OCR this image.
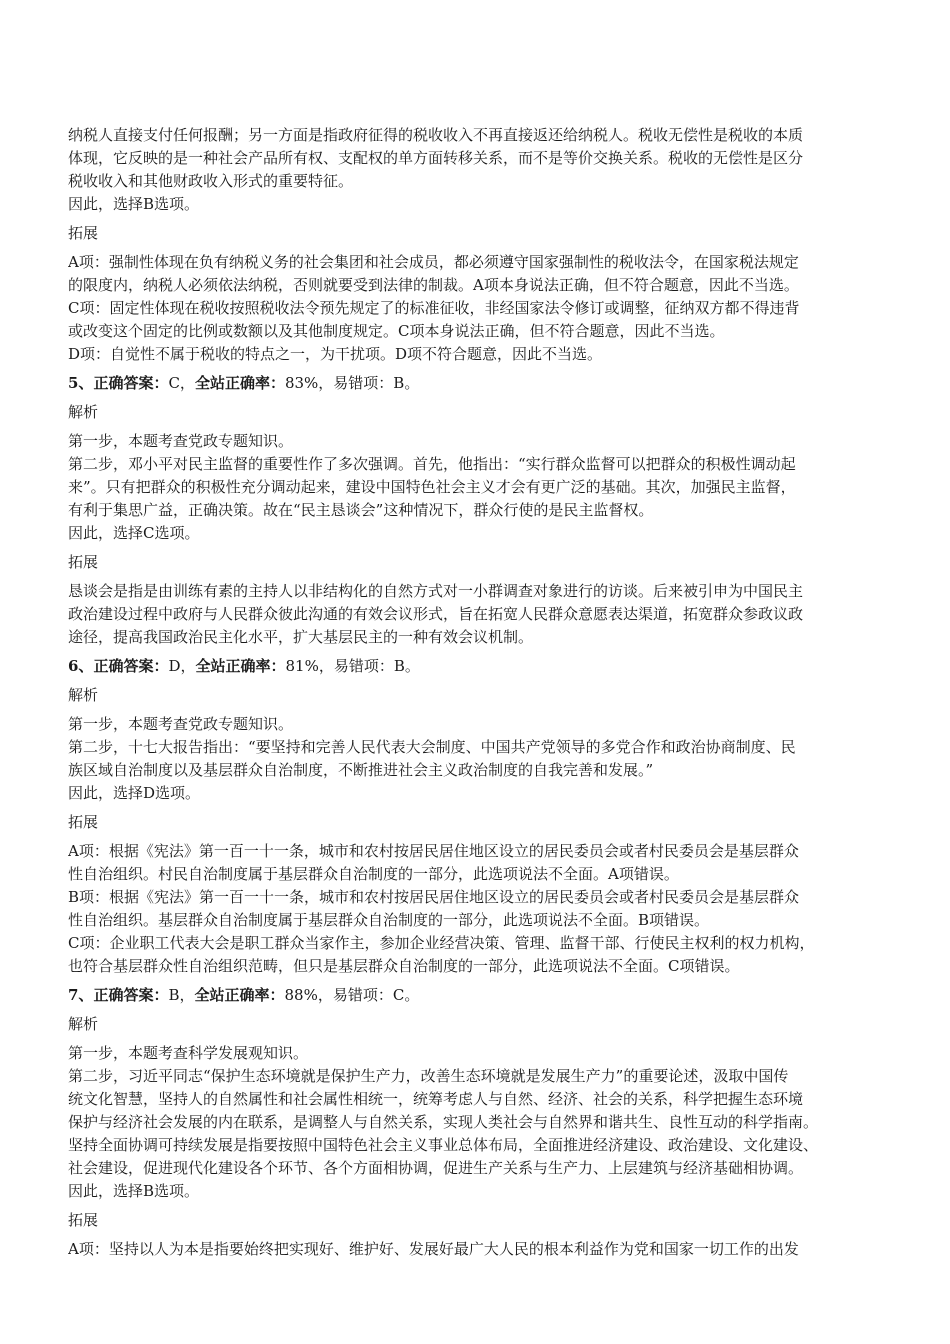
纳税人直接支付任何报酬；另一方面是指政府征得的税收收入不再直接返还给纳税人。税收无偿性是税收的本质
体现，它反映的是一种社会产品所有权、支配权的单方面转移关系，而不是等价交换关系。税收的无偿性是区分
税收收入和其他财政收入形式的重要特征。
因此，选择B选项。
拓展
A项：强制性体现在负有纳税义务的社会集团和社会成员，都必须遵守国家强制性的税收法令，在国家税法规定
的限度内，纳税人必须依法纳税，否则就要受到法律的制裁。A项本身说法正确，但不符合题意，因此不当选。
C项：固定性体现在税收按照税收法令预先规定了的标准征收，非经国家法令修订或调整，征纳双方都不得违背
或改变这个固定的比例或数额以及其他制度规定。C项本身说法正确，但不符合题意，因此不当选。
D项：自觉性不属于税收的特点之一，为干扰项。D项不符合题意，因此不当选。
5、正确答案：C，全站正确率：83%，易错项：B。
解析
第一步，本题考查党政专题知识。
第二步，邓小平对民主监督的重要性作了多次强调。首先，他指出：“实行群众监督可以把群众的积极性调动起
来”。只有把群众的积极性充分调动起来，建设中国特色社会主义才会有更广泛的基础。其次，加强民主监督，
有利于集思广益，正确决策。故在“民主恳谈会”这种情况下，群众行使的是民主监督权。
因此，选择C选项。
拓展
恳谈会是指是由训练有素的主持人以非结构化的自然方式对一小群调查对象进行的访谈。后来被引申为中国民主
政治建设过程中政府与人民群众彼此沟通的有效会议形式，旨在拓宽人民群众意愿表达渠道，拓宽群众参政议政
途径，提高我国政治民主化水平，扩大基层民主的一种有效会议机制。
6、正确答案：D，全站正确率：81%，易错项：B。
解析
第一步，本题考查党政专题知识。
第二步，十七大报告指出：“要坚持和完善人民代表大会制度、中国共产党领导的多党合作和政治协商制度、民
族区域自治制度以及基层群众自治制度，不断推进社会主义政治制度的自我完善和发展。”
因此，选择D选项。
拓展
A项：根据《宪法》第一百一十一条，城市和农村按居民居住地区设立的居民委员会或者村民委员会是基层群众
性自治组织。村民自治制度属于基层群众自治制度的一部分，此选项说法不全面。A项错误。
B项：根据《宪法》第一百一十一条，城市和农村按居民居住地区设立的居民委员会或者村民委员会是基层群众
性自治组织。基层群众自治制度属于基层群众自治制度的一部分，此选项说法不全面。B项错误。
C项：企业职工代表大会是职工群众当家作主，参加企业经营决策、管理、监督干部、行使民主权利的权力机构，
也符合基层群众性自治组织范畴，但只是基层群众自治制度的一部分，此选项说法不全面。C项错误。
7、正确答案：B，全站正确率：88%，易错项：C。
解析
第一步，本题考查科学发展观知识。
第二步，习近平同志“保护生态环境就是保护生产力，改善生态环境就是发展生产力”的重要论述，汲取中国传
统文化智慧，坚持人的自然属性和社会属性相统一，统筹考虑人与自然、经济、社会的关系，科学把握生态环境
保护与经济社会发展的内在联系，是调整人与自然关系，实现人类社会与自然界和谐共生、良性互动的科学指南。
坚持全面协调可持续发展是指要按照中国特色社会主义事业总体布局，全面推进经济建设、政治建设、文化建设、
社会建设，促进现代化建设各个环节、各个方面相协调，促进生产关系与生产力、上层建筑与经济基础相协调。
因此，选择B选项。
拓展
A项：坚持以人为本是指要始终把实现好、维护好、发展好最广大人民的根本利益作为党和国家一切工作的出发
